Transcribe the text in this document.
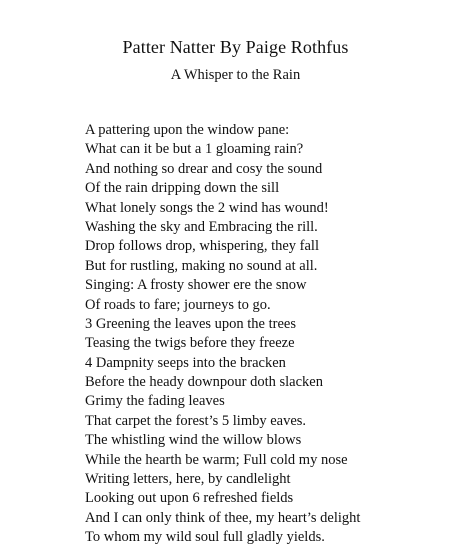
Patter Natter By Paige Rothfus
A Whisper to the Rain
A pattering upon the window pane:
What can it be but a 1 gloaming rain?
And nothing so drear and cosy the sound
Of the rain dripping down the sill
What lonely songs the 2 wind has wound!
Washing the sky and Embracing the rill.
Drop follows drop, whispering, they fall
But for rustling, making no sound at all.
Singing: A frosty shower ere the snow
Of roads to fare; journeys to go.
3 Greening the leaves upon the trees
Teasing the twigs before they freeze
4 Dampnity seeps into the bracken
Before the heady downpour doth slacken
Grimy the fading leaves
That carpet the forest’s 5 limby eaves.
The whistling wind the willow blows
While the hearth be warm; Full cold my nose
Writing letters, here, by candlelight
Looking out upon 6 refreshed fields
And I can only think of thee, my heart’s delight
To whom my wild soul full gladly yields.
